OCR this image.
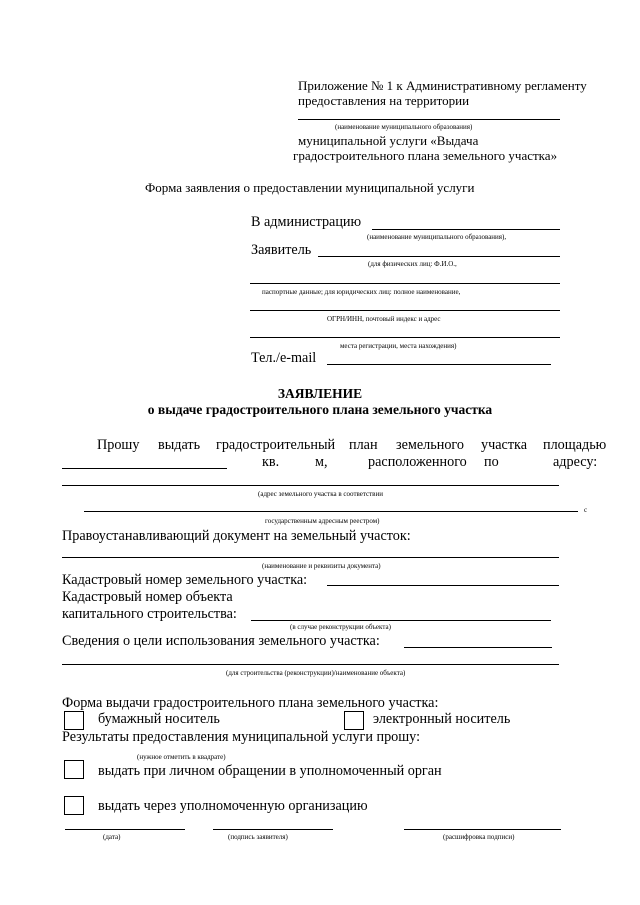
Приложение № 1 к Административному регламенту
предоставления на территории
(наименование муниципального образования)
муниципальной услуги «Выдача
градостроительного плана земельного участка»
Форма заявления о предоставлении муниципальной услуги
В администрацию
(наименование муниципального образования),
Заявитель
(для физических лиц: Ф.И.О.,
паспортные данные; для юридических лиц: полное наименование,
ОГРН/ИНН, почтовый индекс и адрес
места регистрации, места нахождения)
Тел./e-mail
ЗАЯВЛЕНИЕ
о выдаче градостроительного плана земельного участка
Прошу выдать градостроительный план земельного участка площадью
кв.	м,	расположенного по	адресу:
(адрес земельного участка в соответствии
с
государственным адресным реестром)
Правоустанавливающий документ на земельный участок:
(наименование и реквизиты документа)
Кадастровый номер земельного участка:
Кадастровый номер объекта
капитального строительства:
(в случае реконструкции объекта)
Сведения о цели использования земельного участка:
(для строительства (реконструкции)/наименование объекта)
Форма выдачи градостроительного плана земельного участка:
бумажный носитель	электронный носитель
Результаты предоставления муниципальной услуги прошу:
(нужное отметить в квадрате)
выдать при личном обращении в уполномоченный орган
выдать через уполномоченную организацию
(дата)	(подпись заявителя)	(расшифровка подписи)
